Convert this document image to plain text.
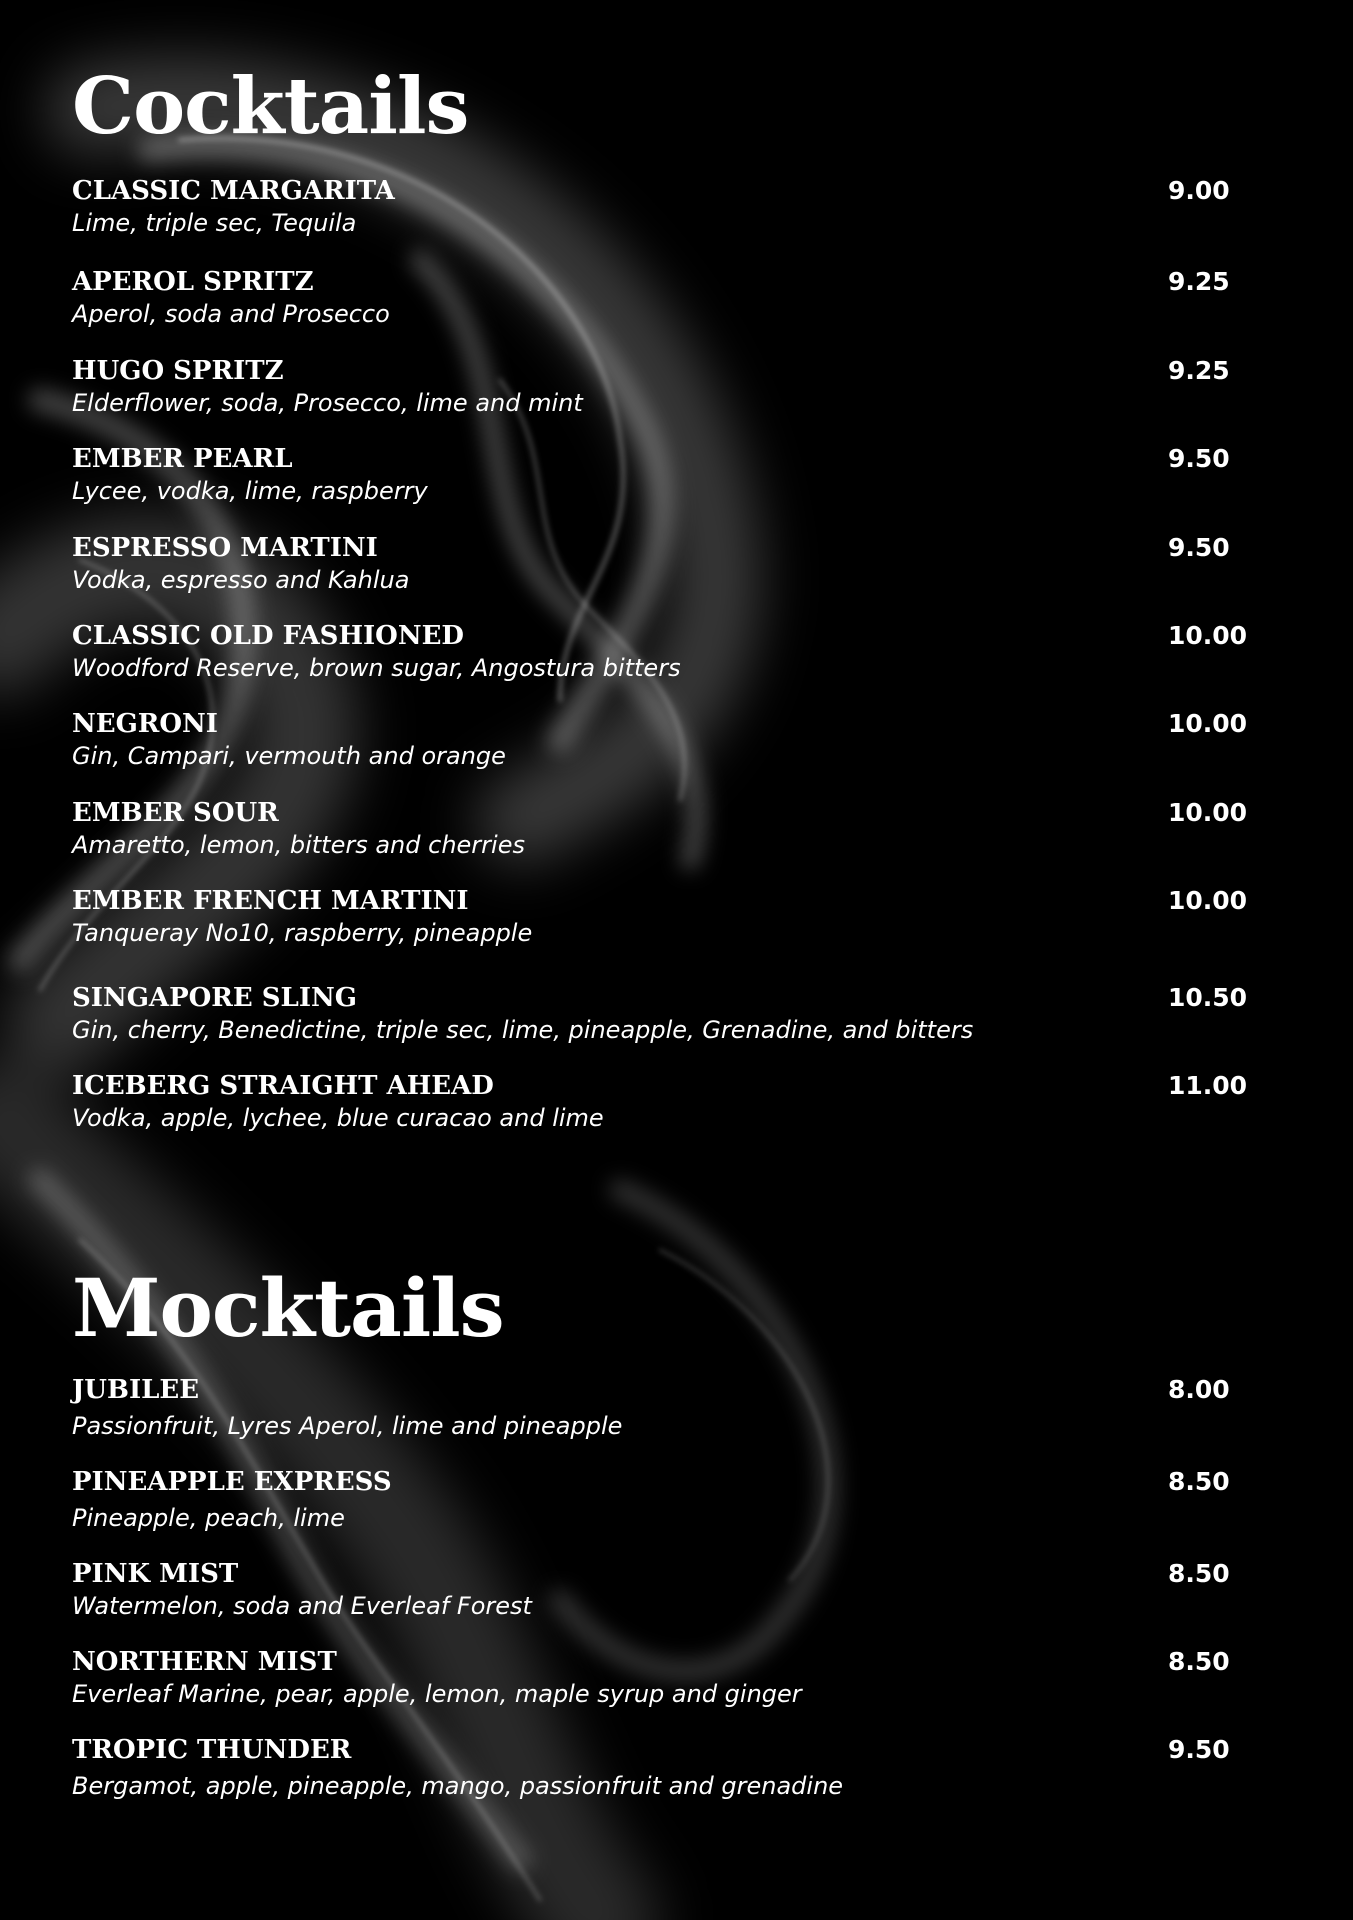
Cocktails
CLASSIC MARGARITA
Lime, triple sec, Tequila
9.00
APEROL SPRITZ
Aperol, soda and Prosecco
9.25
HUGO SPRITZ
Elderflower, soda, Prosecco, lime and mint
9.25
EMBER PEARL
Lycee, vodka, lime, raspberry
9.50
ESPRESSO MARTINI
Vodka, espresso and Kahlua
9.50
CLASSIC OLD FASHIONED
Woodford Reserve, brown sugar, Angostura bitters
10.00
NEGRONI
Gin, Campari, vermouth and orange
10.00
EMBER SOUR
Amaretto, lemon, bitters and cherries
10.00
EMBER FRENCH MARTINI
Tanqueray No10, raspberry, pineapple
10.00
SINGAPORE SLING
Gin, cherry, Benedictine, triple sec, lime, pineapple, Grenadine, and bitters
10.50
ICEBERG STRAIGHT AHEAD
Vodka, apple, lychee, blue curacao and lime
11.00
Mocktails
JUBILEE
Passionfruit, Lyres Aperol, lime and pineapple
8.00
PINEAPPLE EXPRESS
Pineapple, peach, lime
8.50
PINK MIST
Watermelon, soda and Everleaf Forest
8.50
NORTHERN MIST
Everleaf Marine, pear, apple, lemon, maple syrup and ginger
8.50
TROPIC THUNDER
Bergamot, apple, pineapple, mango, passionfruit and grenadine
9.50
